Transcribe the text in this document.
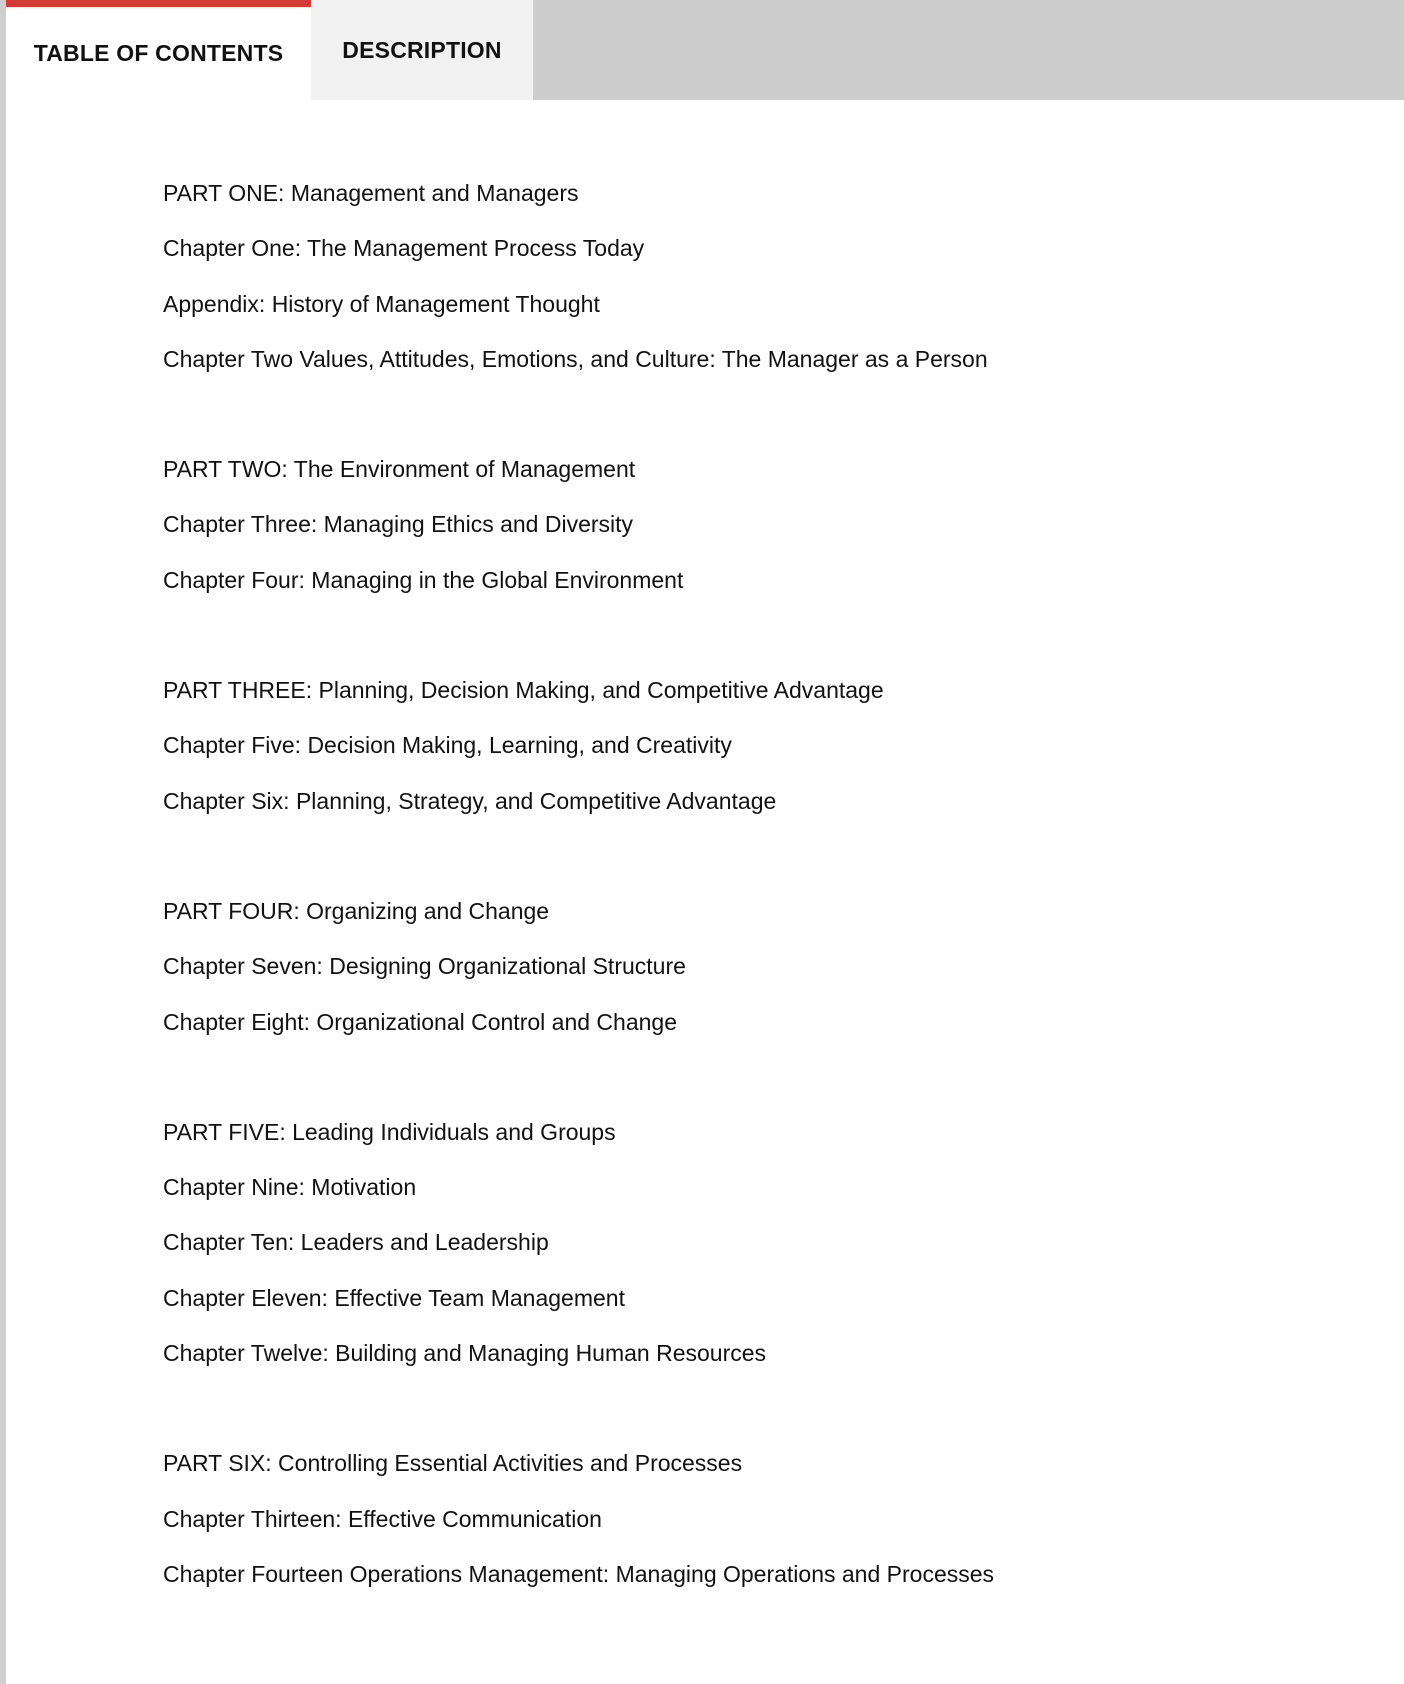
TABLE OF CONTENTS	DESCRIPTION
PART ONE: Management and Managers
Chapter One: The Management Process Today
Appendix: History of Management Thought
Chapter Two Values, Attitudes, Emotions, and Culture: The Manager as a Person
PART TWO: The Environment of Management
Chapter Three: Managing Ethics and Diversity
Chapter Four: Managing in the Global Environment
PART THREE: Planning, Decision Making, and Competitive Advantage
Chapter Five: Decision Making, Learning, and Creativity
Chapter Six: Planning, Strategy, and Competitive Advantage
PART FOUR: Organizing and Change
Chapter Seven: Designing Organizational Structure
Chapter Eight: Organizational Control and Change
PART FIVE: Leading Individuals and Groups
Chapter Nine: Motivation
Chapter Ten: Leaders and Leadership
Chapter Eleven: Effective Team Management
Chapter Twelve: Building and Managing Human Resources
PART SIX: Controlling Essential Activities and Processes
Chapter Thirteen: Effective Communication
Chapter Fourteen Operations Management: Managing Operations and Processes
